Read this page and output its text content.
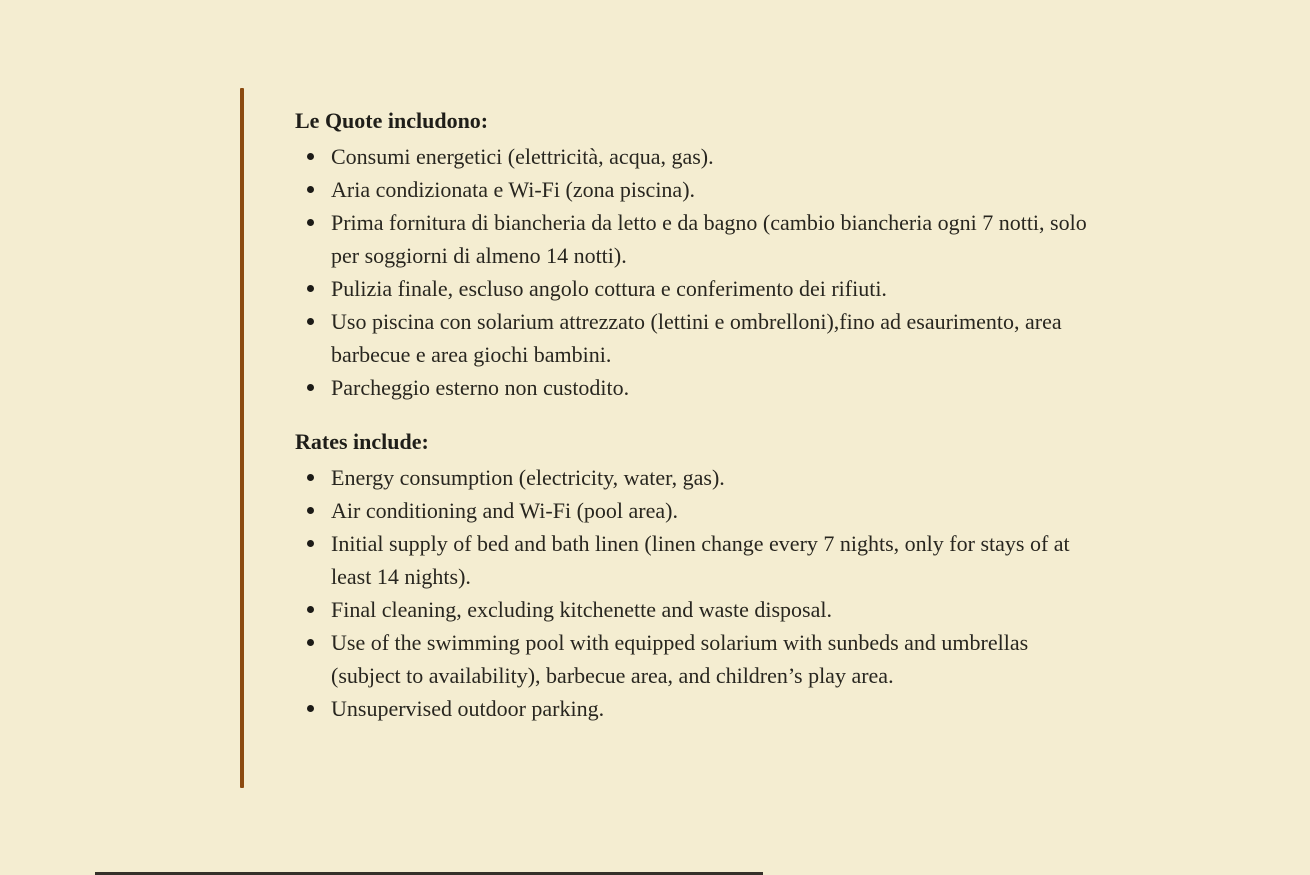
Le Quote includono:
Consumi energetici (elettricità, acqua, gas).
Aria condizionata e Wi-Fi (zona piscina).
Prima fornitura di biancheria da letto e da bagno (cambio biancheria ogni 7 notti, solo per soggiorni di almeno 14 notti).
Pulizia finale, escluso angolo cottura e conferimento dei rifiuti.
Uso piscina con solarium attrezzato (lettini e ombrelloni),fino ad esaurimento, area barbecue e area giochi bambini.
Parcheggio esterno non custodito.
Rates include:
Energy consumption (electricity, water, gas).
Air conditioning and Wi-Fi (pool area).
Initial supply of bed and bath linen (linen change every 7 nights, only for stays of at least 14 nights).
Final cleaning, excluding kitchenette and waste disposal.
Use of the swimming pool with equipped solarium with sunbeds and umbrellas (subject to availability), barbecue area, and children’s play area.
Unsupervised outdoor parking.
